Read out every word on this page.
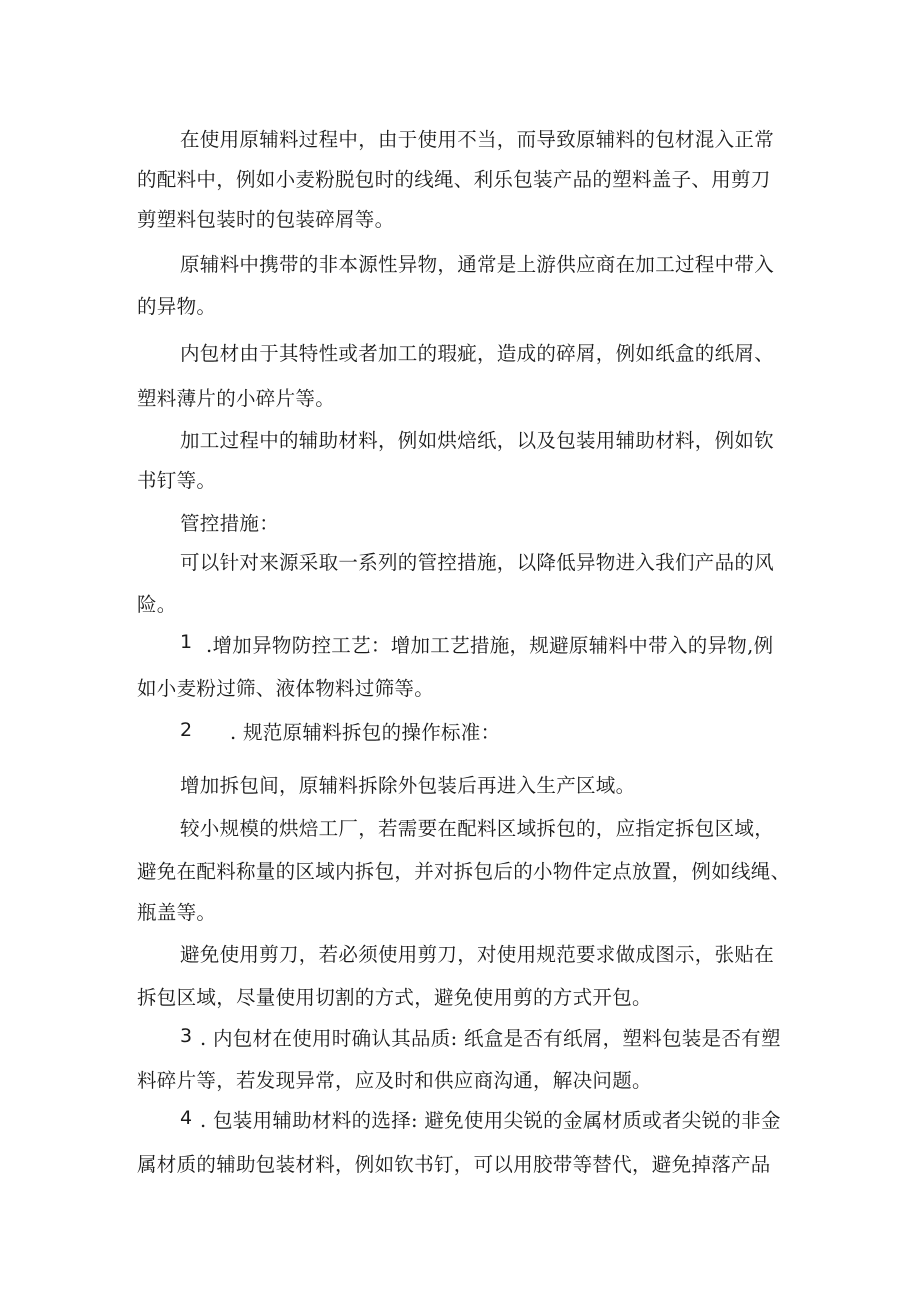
在使用原辅料过程中，由于使用不当，而导致原辅料的包材混入正常
的配料中，例如小麦粉脱包时的线绳、利乐包装产品的塑料盖子、用剪刀
剪塑料包装时的包装碎屑等。
原辅料中携带的非本源性异物，通常是上游供应商在加工过程中带入
的异物。
内包材由于其特性或者加工的瑕疵，造成的碎屑，例如纸盒的纸屑、
塑料薄片的小碎片等。
加工过程中的辅助材料，例如烘焙纸，以及包装用辅助材料，例如钦
书钉等。
管控措施：
可以针对来源采取一系列的管控措施，以降低异物进入我们产品的风
险。
1 .增加异物防控工艺：增加工艺措施，规避原辅料中带入的异物,例
如小麦粉过筛、液体物料过筛等。
2 . 规范原辅料拆包的操作标准：
增加拆包间，原辅料拆除外包装后再进入生产区域。
较小规模的烘焙工厂，若需要在配料区域拆包的，应指定拆包区域，
避免在配料称量的区域内拆包，并对拆包后的小物件定点放置，例如线绳、
瓶盖等。
避免使用剪刀，若必须使用剪刀，对使用规范要求做成图示，张贴在
拆包区域，尽量使用切割的方式，避免使用剪的方式开包。
3 . 内包材在使用时确认其品质: 纸盒是否有纸屑，塑料包装是否有塑
料碎片等，若发现异常，应及时和供应商沟通，解决问题。
4 . 包装用辅助材料的选择: 避免使用尖锐的金属材质或者尖锐的非金
属材质的辅助包装材料，例如钦书钉，可以用胶带等替代，避免掉落产品
